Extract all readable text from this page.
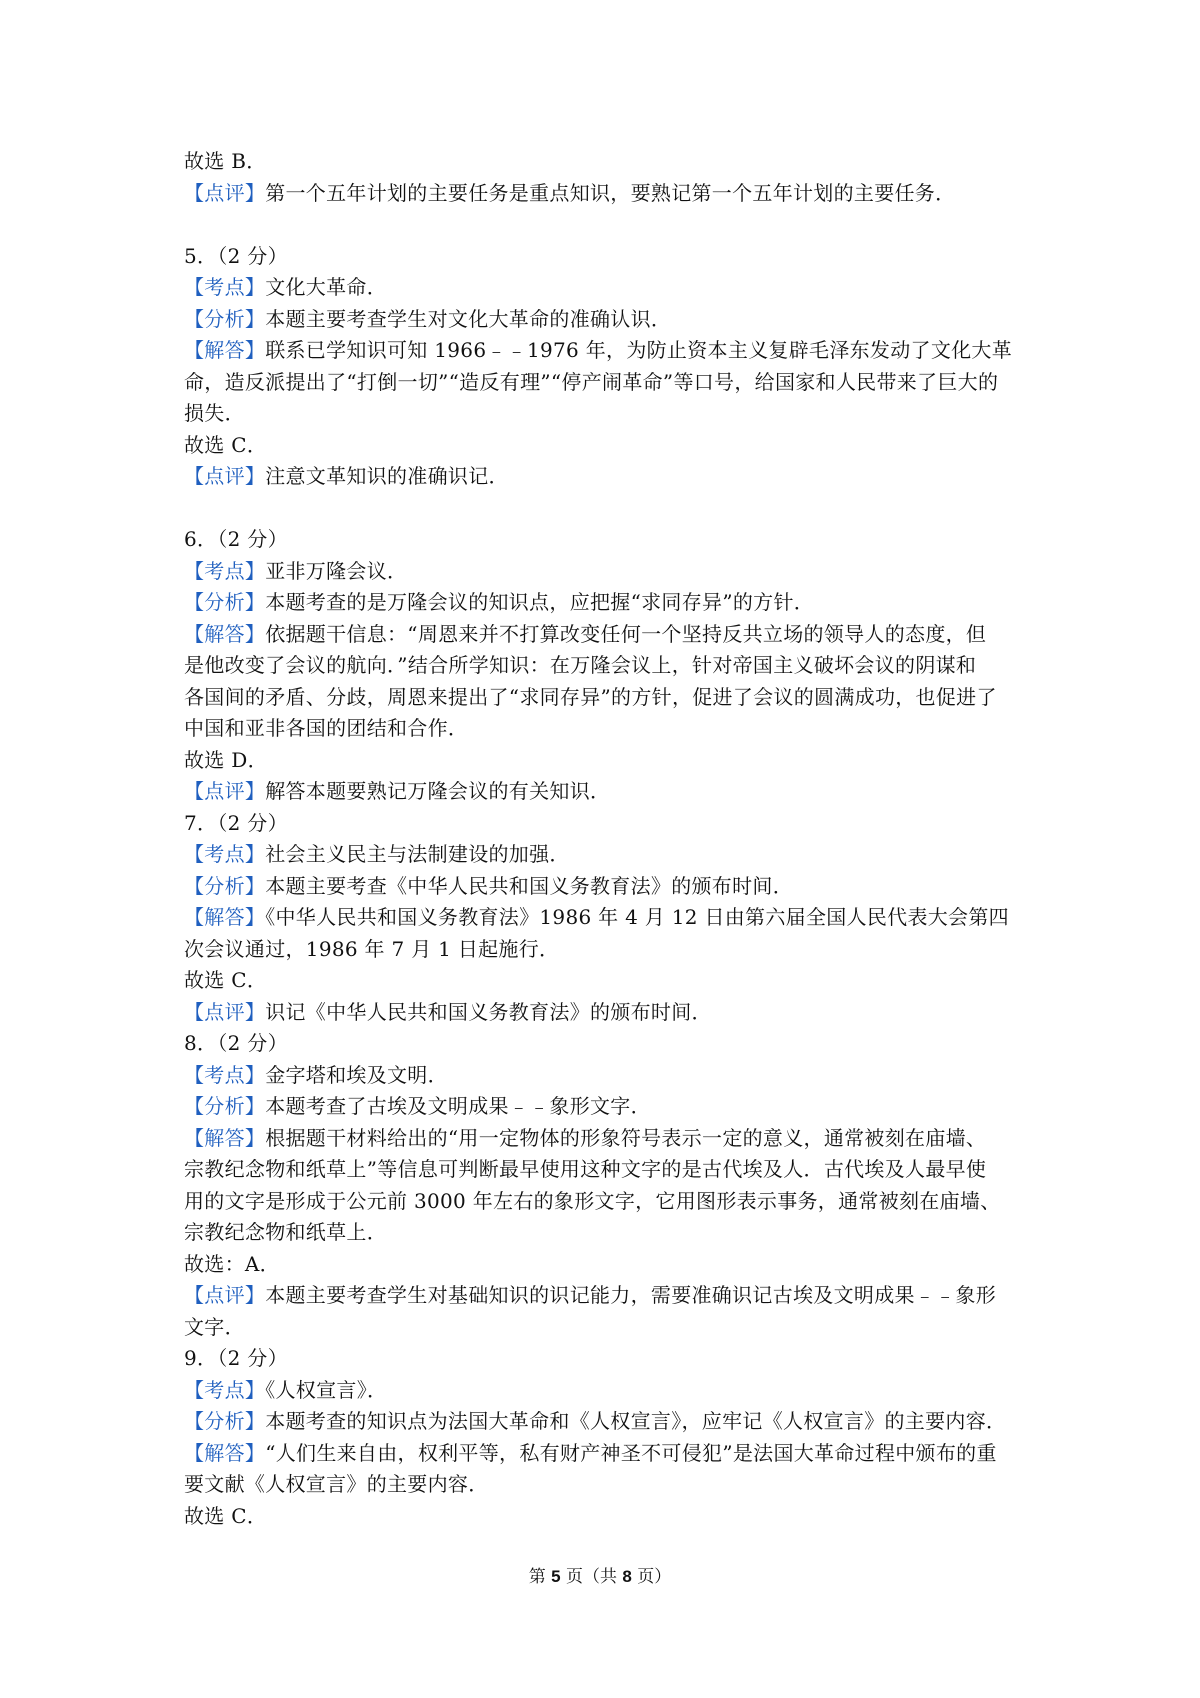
故选 B．
【点评】第一个五年计划的主要任务是重点知识，要熟记第一个五年计划的主要任务．
5．（2 分）
【考点】文化大革命．
【分析】本题主要考查学生对文化大革命的准确认识．
【解答】联系已学知识可知 1966﹣﹣1976 年，为防止资本主义复辟毛泽东发动了文化大革
命，造反派提出了“打倒一切”“造反有理”“停产闹革命”等口号，给国家和人民带来了巨大的
损失．
故选 C．
【点评】注意文革知识的准确识记．
6．（2 分）
【考点】亚非万隆会议．
【分析】本题考查的是万隆会议的知识点，应把握“求同存异”的方针．
【解答】依据题干信息：“周恩来并不打算改变任何一个坚持反共立场的领导人的态度，但
是他改变了会议的航向．”结合所学知识：在万隆会议上，针对帝国主义破坏会议的阴谋和
各国间的矛盾、分歧，周恩来提出了“求同存异”的方针，促进了会议的圆满成功，也促进了
中国和亚非各国的团结和合作．
故选 D．
【点评】解答本题要熟记万隆会议的有关知识．
7．（2 分）
【考点】社会主义民主与法制建设的加强．
【分析】本题主要考查《中华人民共和国义务教育法》的颁布时间．
【解答】《中华人民共和国义务教育法》1986 年 4 月 12 日由第六届全国人民代表大会第四
次会议通过，1986 年 7 月 1 日起施行．
故选 C．
【点评】识记《中华人民共和国义务教育法》的颁布时间．
8．（2 分）
【考点】金字塔和埃及文明．
【分析】本题考查了古埃及文明成果﹣﹣象形文字．
【解答】根据题干材料给出的“用一定物体的形象符号表示一定的意义，通常被刻在庙墙、
宗教纪念物和纸草上”等信息可判断最早使用这种文字的是古代埃及人．古代埃及人最早使
用的文字是形成于公元前 3000 年左右的象形文字，它用图形表示事务，通常被刻在庙墙、
宗教纪念物和纸草上．
故选：A．
【点评】本题主要考查学生对基础知识的识记能力，需要准确识记古埃及文明成果﹣﹣象形
文字．
9．（2 分）
【考点】《人权宣言》．
【分析】本题考查的知识点为法国大革命和《人权宣言》，应牢记《人权宣言》的主要内容．
【解答】“人们生来自由，权利平等，私有财产神圣不可侵犯”是法国大革命过程中颁布的重
要文献《人权宣言》的主要内容．
故选 C．
第 5 页（共 8 页）
